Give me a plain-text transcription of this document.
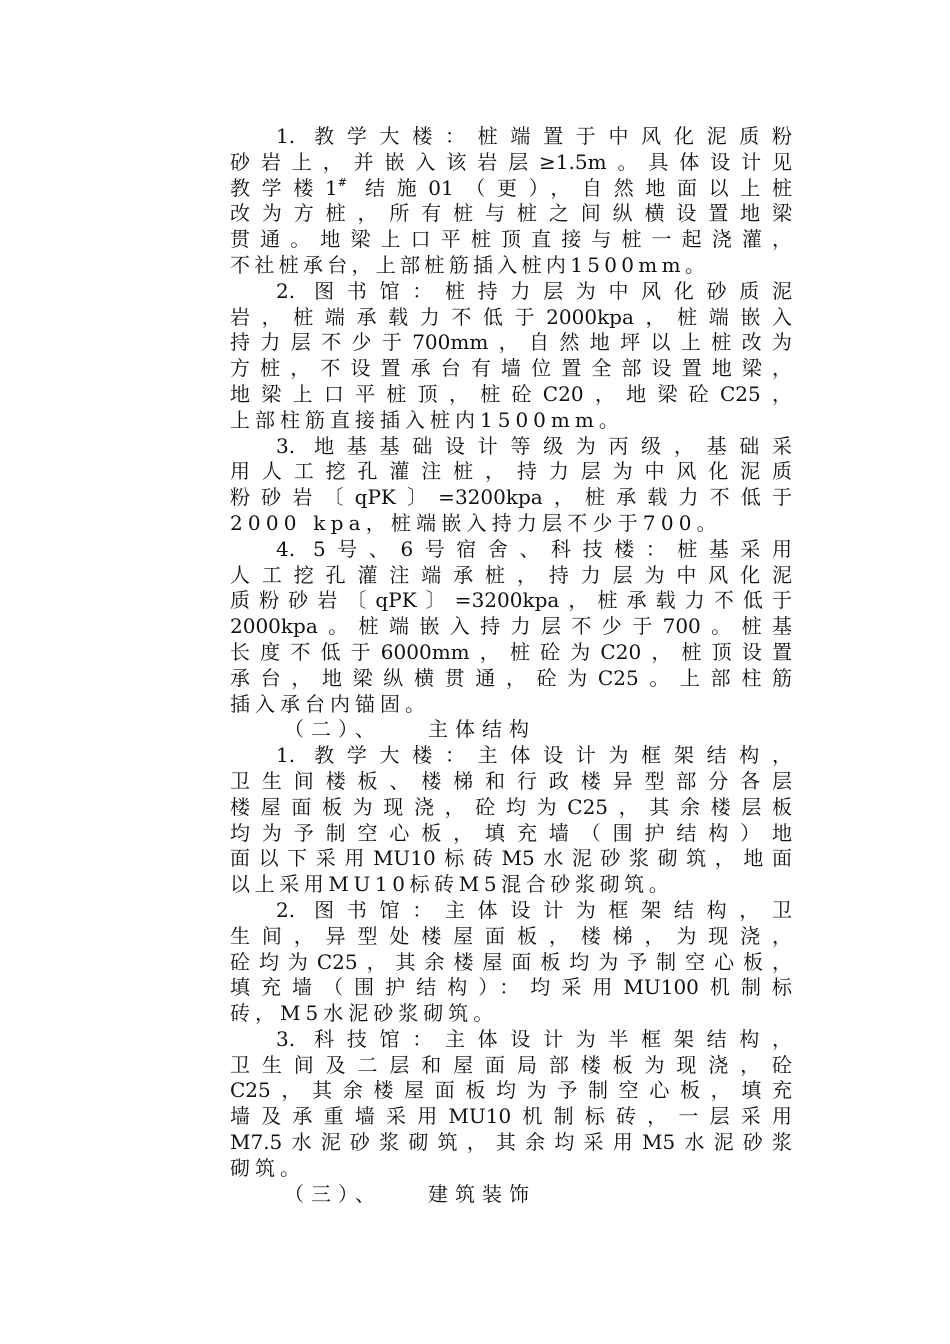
1. 教学大楼：桩端置于中风化泥质粉
砂岩上，并嵌入该岩层≥1.5m。具体设计见
教学楼1# 结施01（更），自然地面以上桩
改为方桩，所有桩与桩之间纵横设置地梁
贯通。地梁上口平桩顶直接与桩一起浇灌，
不社桩承台，上部桩筋插入桩内1500mm。
2. 图书馆：桩持力层为中风化砂质泥
岩，桩端承载力不低于2000kpa，桩端嵌入
持力层不少于700mm，自然地坪以上桩改为
方桩，不设置承台有墙位置全部设置地梁，
地梁上口平桩顶，桩砼C20，地梁砼C25，
上部柱筋直接插入桩内1500mm。
3. 地基基础设计等级为丙级，基础采
用人工挖孔灌注桩，持力层为中风化泥质
粉砂岩〔qPK〕=3200kpa，桩承载力不低于
2000 kpa，桩端嵌入持力层不少于700。
4. 5号、6号宿舍、科技楼：桩基采用
人工挖孔灌注端承桩，持力层为中风化泥
质粉砂岩〔qPK〕=3200kpa，桩承载力不低于
2000kpa。桩端嵌入持力层不少于700。桩基
长度不低于6000mm，桩砼为C20，桩顶设置
承台，地梁纵横贯通，砼为C25。上部柱筋
插入承台内锚固。
（二）、 主体结构
1. 教学大楼：主体设计为框架结构，
卫生间楼板、楼梯和行政楼异型部分各层
楼屋面板为现浇，砼均为C25，其余楼层板
均为予制空心板，填充墙（围护结构）地
面以下采用MU10标砖M5水泥砂浆砌筑，地面
以上采用MU10标砖M5混合砂浆砌筑。
2. 图书馆：主体设计为框架结构，卫
生间，异型处楼屋面板，楼梯，为现浇，
砼均为C25，其余楼屋面板均为予制空心板，
填充墙（围护结构）：均采用MU100机制标
砖，M5水泥砂浆砌筑。
3. 科技馆：主体设计为半框架结构，
卫生间及二层和屋面局部楼板为现浇，砼
C25，其余楼屋面板均为予制空心板，填充
墙及承重墙采用MU10机制标砖，一层采用
M7.5水泥砂浆砌筑，其余均采用M5水泥砂浆
砌筑。
（三）、 建筑装饰
